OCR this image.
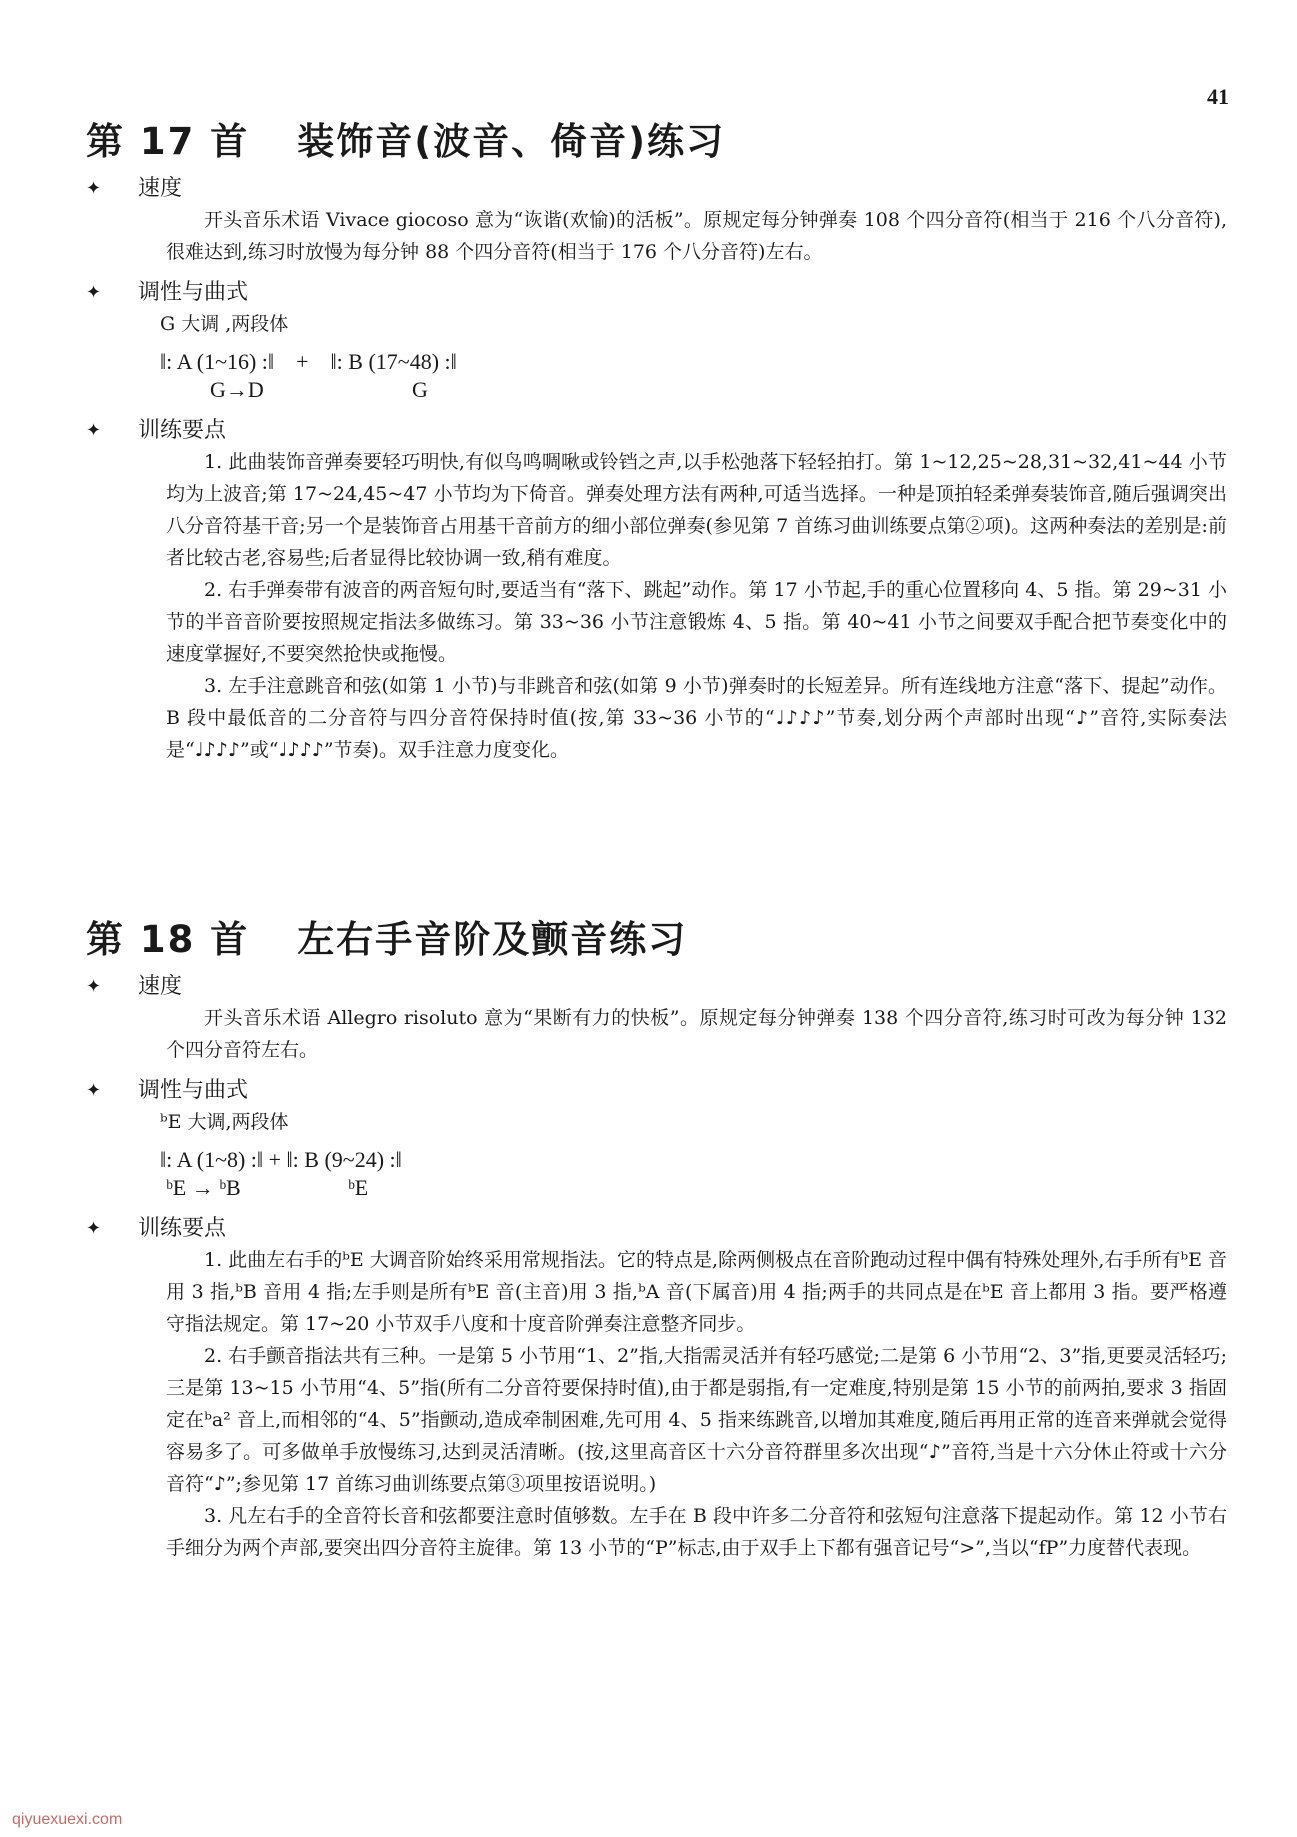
41
第 17 首 装饰音(波音、倚音)练习
✦	速度

开头音乐术语 Vivace giocoso 意为“诙谐(欢愉)的活板”。原规定每分钟弹奏 108 个四分音符(相当于 216 个八分音符),很难达到,练习时放慢为每分钟 88 个四分音符(相当于 176 个八分音符)左右。

✦	调性与曲式

G 大调 ,两段体

‖: A (1~16) :‖    +    ‖: B (17~48) :‖

G→D

	G

✦	训练要点

1. 此曲装饰音弹奏要轻巧明快,有似鸟鸣啁啾或铃铛之声,以手松弛落下轻轻拍打。第 1~12,25~28,31~32,41~44 小节均为上波音;第 17~24,45~47 小节均为下倚音。弹奏处理方法有两种,可适当选择。一种是顶拍轻柔弹奏装饰音,随后强调突出八分音符基干音;另一个是装饰音占用基干音前方的细小部位弹奏(参见第 7 首练习曲训练要点第②项)。这两种奏法的差别是:前者比较古老,容易些;后者显得比较协调一致,稍有难度。

2. 右手弹奏带有波音的两音短句时,要适当有“落下、跳起”动作。第 17 小节起,手的重心位置移向 4、5 指。第 29~31 小节的半音音阶要按照规定指法多做练习。第 33~36 小节注意锻炼 4、5 指。第 40~41 小节之间要双手配合把节奏变化中的速度掌握好,不要突然抢快或拖慢。

3. 左手注意跳音和弦(如第 1 小节)与非跳音和弦(如第 9 小节)弹奏时的长短差异。所有连线地方注意“落下、提起”动作。B 段中最低音的二分音符与四分音符保持时值(按,第 33~36 小节的“♩♪♪♪”节奏,划分两个声部时出现“♪”音符,实际奏法是“♩♪♪♪”或“♩♪♪♪”节奏)。双手注意力度变化。

第 18 首 左右手音阶及颤音练习
✦	速度

开头音乐术语 Allegro risoluto 意为“果断有力的快板”。原规定每分钟弹奏 138 个四分音符,练习时可改为每分钟 132 个四分音符左右。

✦	调性与曲式

ᵇE 大调,两段体

‖: A (1~8) :‖ + ‖: B (9~24) :‖

ᵇE → ᵇB

	ᵇE

✦	训练要点

1. 此曲左右手的ᵇE 大调音阶始终采用常规指法。它的特点是,除两侧极点在音阶跑动过程中偶有特殊处理外,右手所有ᵇE 音用 3 指,ᵇB 音用 4 指;左手则是所有ᵇE 音(主音)用 3 指,ᵇA 音(下属音)用 4 指;两手的共同点是在ᵇE 音上都用 3 指。要严格遵守指法规定。第 17~20 小节双手八度和十度音阶弹奏注意整齐同步。

2. 右手颤音指法共有三种。一是第 5 小节用“1、2”指,大指需灵活并有轻巧感觉;二是第 6 小节用“2、3”指,更要灵活轻巧;三是第 13~15 小节用“4、5”指(所有二分音符要保持时值),由于都是弱指,有一定难度,特别是第 15 小节的前两拍,要求 3 指固定在ᵇa² 音上,而相邻的“4、5”指颤动,造成牵制困难,先可用 4、5 指来练跳音,以增加其难度,随后再用正常的连音来弹就会觉得容易多了。可多做单手放慢练习,达到灵活清晰。(按,这里高音区十六分音符群里多次出现“♪”音符,当是十六分休止符或十六分音符“♪”;参见第 17 首练习曲训练要点第③项里按语说明。)

3. 凡左右手的全音符长音和弦都要注意时值够数。左手在 B 段中许多二分音符和弦短句注意落下提起动作。第 12 小节右手细分为两个声部,要突出四分音符主旋律。第 13 小节的“P”标志,由于双手上下都有强音记号“>”,当以“fP”力度替代表现。

qiyuexuexi.com
